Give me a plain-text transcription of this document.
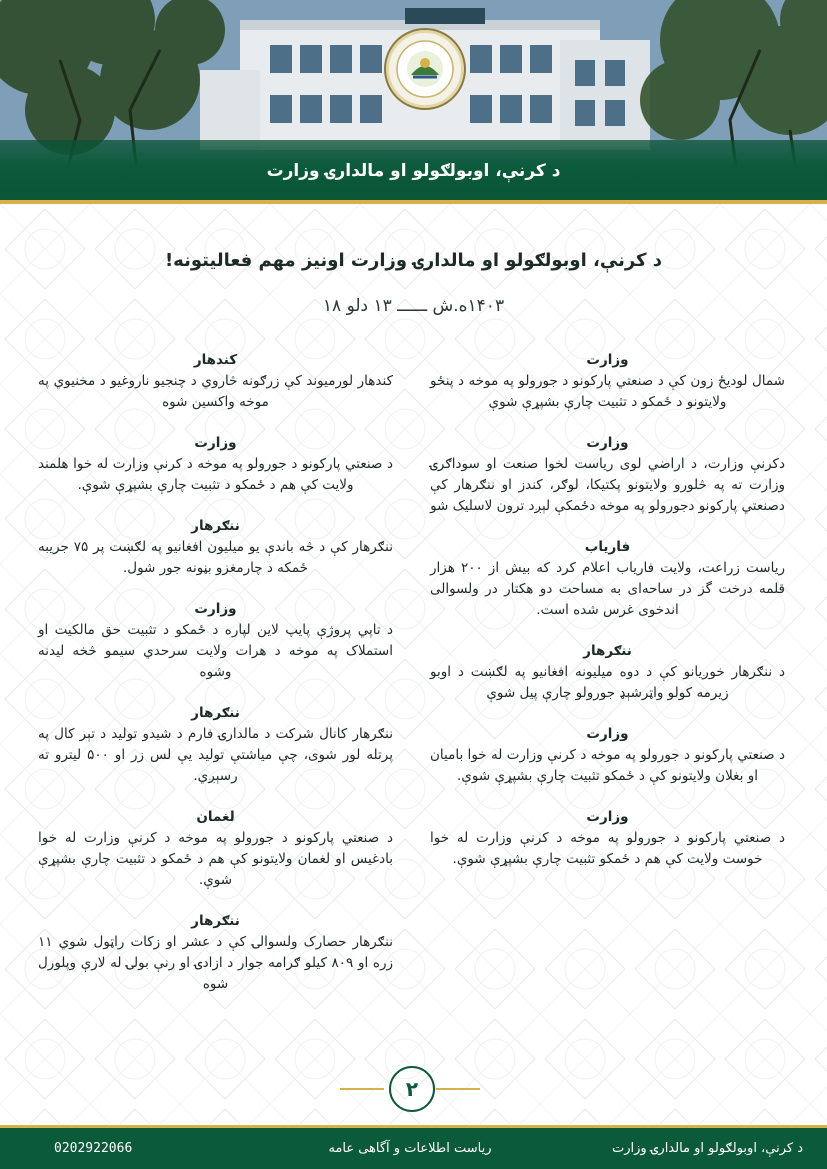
د کرنې، اوبولګولو او مالدارۍ وزارت
د کرنې، اوبولګولو او مالدارۍ وزارت اونیز مهم فعالیتونه!
۱۴۰۳ه.ش ــــــ ۱۳ دلو ۱۸
وزارت
شمال لودیځ زون کې د صنعتي پارکونو د جورولو په موخه د پنځو ولایتونو د ځمکو د تثبیت چارې بشپړې شوې
وزارت
دکرنې وزارت، د اراضي لوی ریاست لخوا صنعت او سوداګرۍ وزارت ته په څلورو ولایتونو پکتیکا، لوګر، کندز او ننګرهار کې دصنعتي پارکونو دجورولو په موخه دځمکې لېږد ترون لاسلیک شو
فاریاب
ریاست زراعت، ولایت فاریاب اعلام کرد که بیش از ۲۰۰ هزار قلمه درخت گز در ساحه‌ای به مساحت دو هکتار در ولسوالی اندخوی غرس شده است.
ننګرهار
د ننګرهار خوږیانو کې د دوه میلیونه افغانیو په لګښت د اوبو زیرمه کولو واټرشېډ جورولو چارې پیل شوې
وزارت
د صنعتي پارکونو د جورولو په موخه د کرنې وزارت له خوا بامیان او بغلان ولایتونو کې د ځمکو تثبیت چارې بشپړې شوې.
وزارت
د صنعتي پارکونو د جورولو په موخه د کرنې وزارت له خوا خوست ولایت کې هم د ځمکو تثبیت چارې بشپړې شوې.
کندهار
کندهار لورمیوند کې زرګونه څاروي د چنجیو ناروغیو د مخنیوي په موخه واکسین شوه
وزارت
د صنعتي پارکونو د جورولو په موخه د کرنې وزارت له خوا هلمند ولایت کې هم د ځمکو د تثبیت چارې بشپړې شوې.
ننګرهار
ننګرهار کې د څه باندې یو میلیون افغانیو په لګښت پر ۷۵ جریبه ځمکه د چارمغزو بڼونه جور شول.
وزارت
د تاپي پروژې پایپ لاین لپاره د ځمکو د تثبیت حق مالکیت او استملاک په موخه د هرات ولایت سرحدي سیمو څخه لیدنه وشوه
ننګرهار
ننګرهار کانال شرکت د مالدارۍ فارم د شیدو تولید د تېر کال په پرتله لور شوی، چې میاشتې تولید یې لس زر او ۵۰۰ لیترو ته رسېږي.
لغمان
د صنعتي پارکونو د جورولو په موخه د کرنې وزارت له خوا بادغیس او لغمان ولایتونو کې هم د ځمکو د تثبیت چارې بشپړې شوې.
ننګرهار
ننګرهار حصارک ولسوالۍ کې د عشر او زکات راټول شوي ۱۱ زره او ۸۰۹ کیلو ګرامه جوار د ازادۍ او رنې بولۍ له لارې وپلورل شوه
۲
د کرنې، اوبولګولو او مالدارۍ وزارت
ریاست اطلاعات و آگاهی عامه
0202922066
